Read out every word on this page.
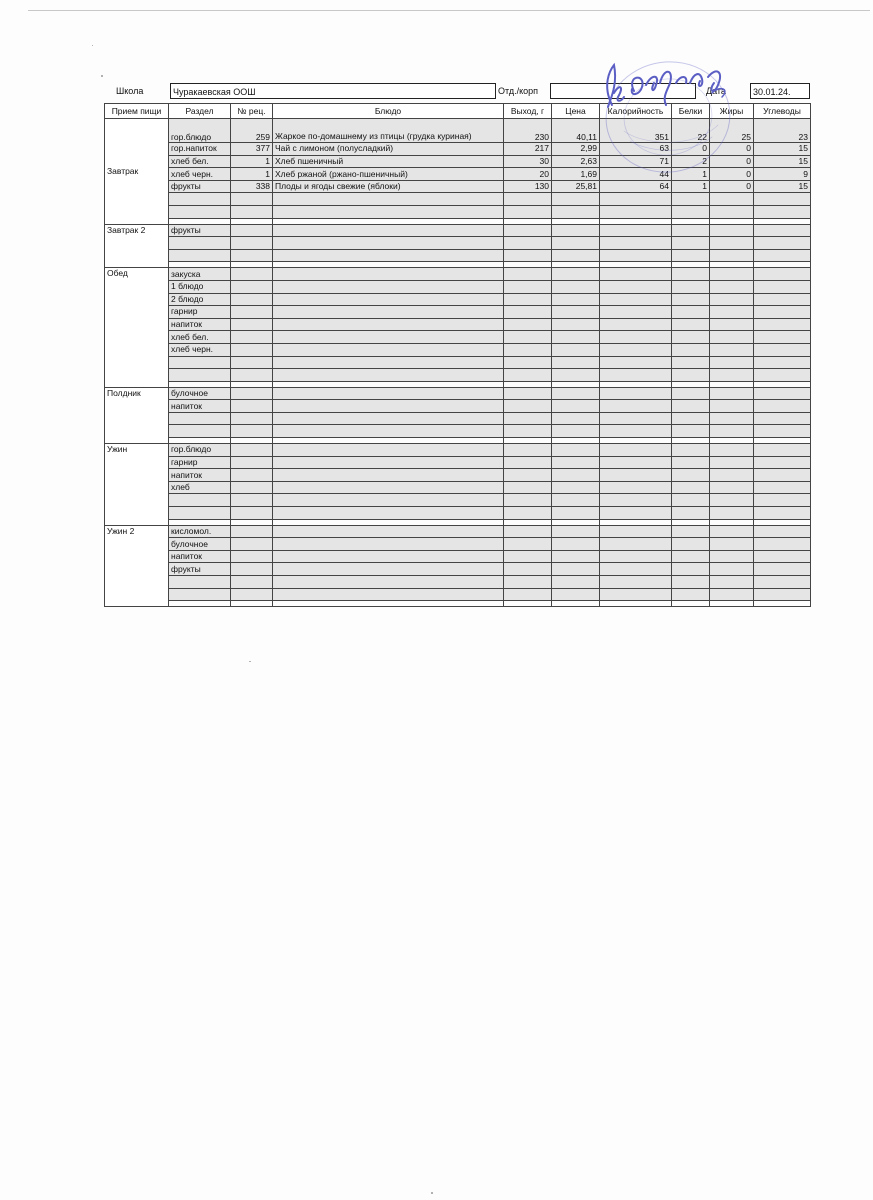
Школа	Чуракаевская ООШ	Отд./корп	Дата	30.01.24.
Прием пищи	Раздел	№ рец.	Блюдо	Выход, г	Цена	Калорийность	Белки	Жиры	Углеводы
Завтрак	гор.блюдо	259	Жаркое по-домашнему из птицы (грудка куриная)	230	40,11	351	22	25	23
	гор.напиток	377	Чай с лимоном (полусладкий)	217	2,99	63	0	0	15
	хлеб бел.	1	Хлеб пшеничный	30	2,63	71	2	0	15
	хлеб черн.	1	Хлеб ржаной (ржано-пшеничный)	20	1,69	44	1	0	9
	фрукты	338	Плоды и ягоды свежие (яблоки)	130	25,81	64	1	0	15

Завтрак 2	фрукты								

Обед	закуска								
	1 блюдо								
	2 блюдо								
	гарнир								
	напиток								
	хлеб бел.								
	хлеб черн.								

Полдник	булочное								
	напиток								

Ужин	гор.блюдо								
	гарнир								
	напиток								
	хлеб								

Ужин 2	кисломол.								
	булочное								
	напиток								
	фрукты								
